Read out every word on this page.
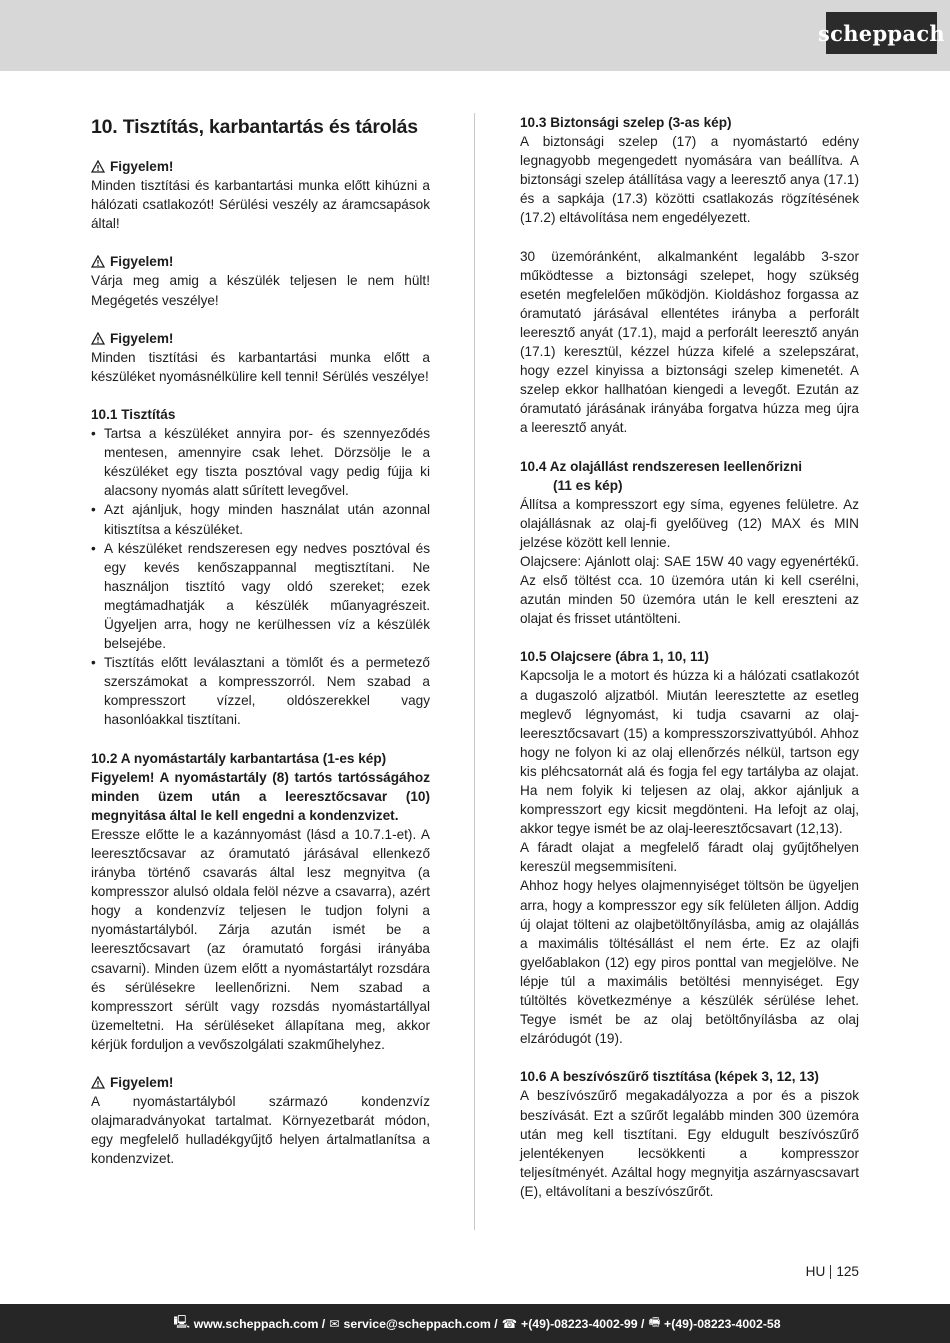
scheppach
10. Tisztítás, karbantartás és tárolás
Figyelem!

Minden tisztítási és karbantartási munka előtt kihúzni a hálózati csatlakozót! Sérülési veszély az áramcsapások által!

Figyelem!

Várja meg amig a készülék teljesen le nem hült! Megégetés veszélye!

Figyelem!

Minden tisztítási és karbantartási munka előtt a készüléket nyomásnélkülire kell tenni! Sérülés veszélye!

10.1 Tisztítás
• Tartsa a készüléket annyira por- és szennyeződés mentesen, amennyire csak lehet. Dörzsölje le a készüléket egy tiszta posztóval vagy pedig fújja ki alacsony nyomás alatt sűrített levegővel.
• Azt ajánljuk, hogy minden használat után azonnal kitisztítsa a készüléket.
• A készüléket rendszeresen egy nedves posztóval és egy kevés kenőszappannal megtisztítani. Ne használjon tisztító vagy oldó szereket; ezek megtámadhatják a készülék műanyagrészeit. Ügyeljen arra, hogy ne kerülhessen víz a készülék belsejébe.
• Tisztítás előtt leválasztani a tömlőt és a permetező szerszámokat a kompresszorról. Nem szabad a kompresszort vízzel, oldószerekkel vagy hasonlóakkal tisztítani.
10.2 A nyomástartály karbantartása (1-es kép)

Figyelem! A nyomástartály (8) tartós tartósságához minden üzem után a leeresztőcsavar (10) megnyitása által le kell engedni a kondenzvizet.

Eressze előtte le a kazánnyomást (lásd a 10.7.1-et). A leeresztőcsavar az óramutató járásával ellenkező irányba történő csavarás által lesz megnyitva (a kompresszor alulsó oldala felöl nézve a csavarra), azért hogy a kondenzvíz teljesen le tudjon folyni a nyomástartályból. Zárja azután ismét be a leeresztőcsavart (az óramutató forgási irányába csavarni). Minden üzem előtt a nyomástartályt rozsdára és sérülésekre leellenőrizni. Nem szabad a kompresszort sérült vagy rozsdás nyomástartállyal üzemeltetni. Ha sérüléseket állapítana meg, akkor kérjük forduljon a vevőszolgálati szakműhelyhez.

Figyelem!

A nyomástartályból származó kondenzvíz olajmaradványokat tartalmat. Környezetbarát módon, egy megfelelő hulladékgyűjtő helyen ártalmatlanítsa a kondenzvizet.

10.3 Biztonsági szelep (3-as kép)

A biztonsági szelep (17) a nyomástartó edény legnagyobb megengedett nyomására van beállítva. A biztonsági szelep átállítása vagy a leeresztő anya (17.1) és a sapkája (17.3) közötti csatlakozás rögzítésének (17.2) eltávolítása nem engedélyezett.

30 üzemóránként, alkalmanként legalább 3-szor működtesse a biztonsági szelepet, hogy szükség esetén megfelelően működjön. Kioldáshoz forgassa az óramutató járásával ellentétes irányba a perforált leeresztő anyát (17.1), majd a perforált leeresztő anyán (17.1) keresztül, kézzel húzza kifelé a szelepszárat, hogy ezzel kinyissa a biztonsági szelep kimenetét. A szelep ekkor hallhatóan kiengedi a levegőt. Ezután az óramutató járásának irányába forgatva húzza meg újra a leeresztő anyát.

10.4 Az olajállást rendszeresen leellenőrizni
(11 es kép)

Állítsa a kompresszort egy síma, egyenes felületre. Az olajállásnak az olaj-fi gyelőüveg (12) MAX és MIN jelzése között kell lennie.

Olajcsere: Ajánlott olaj: SAE 15W 40 vagy egyenértékű. Az első töltést cca. 10 üzemóra után ki kell cserélni, azután minden 50 üzemóra után le kell ereszteni az olajat és frisset utántölteni.

10.5 Olajcsere (ábra 1, 10, 11)

Kapcsolja le a motort és húzza ki a hálózati csatlakozót a dugaszoló aljzatból. Miután leeresztette az esetleg meglevő légnyomást, ki tudja csavarni az olaj-leeresztőcsavart (15) a kompresszorszivattyúból. Ahhoz hogy ne folyon ki az olaj ellenőrzés nélkül, tartson egy kis pléhcsatornát alá és fogja fel egy tartályba az olajat. Ha nem folyik ki teljesen az olaj, akkor ajánljuk a kompresszort egy kicsit megdönteni. Ha lefojt az olaj, akkor tegye ismét be az olaj-leeresztőcsavart (12,13).

A fáradt olajat a megfelelő fáradt olaj gyűjtőhelyen kereszül megsemmisíteni.

Ahhoz hogy helyes olajmennyiséget töltsön be ügyeljen arra, hogy a kompresszor egy sík felületen álljon. Addig új olajat tölteni az olajbetöltőnyílásba, amig az olajállás a maximális töltésállást el nem érte. Ez az olajfi gyelőablakon (12) egy piros ponttal van megjelölve. Ne lépje túl a maximális betöltési mennyiséget. Egy túltöltés következménye a készülék sérülése lehet. Tegye ismét be az olaj betöltőnyílásba az olaj elzáródugót (19).

10.6 A beszívószűrő tisztítása (képek 3, 12, 13)

A beszívószűrő megakadályozza a por és a piszok beszívását. Ezt a szűrőt legalább minden 300 üzemóra után meg kell tisztítani. Egy eldugult beszívószűrő jelentékenyen lecsökkenti a kompresszor teljesítményét. Azáltal hogy megnyitja aszárnyascsavart (E), eltávolítani a beszívószűrőt.

HU 125
🖳 www.scheppach.com / ✉ service@scheppach.com / ☎ +(49)-08223-4002-99 / 🖷 +(49)-08223-4002-58
